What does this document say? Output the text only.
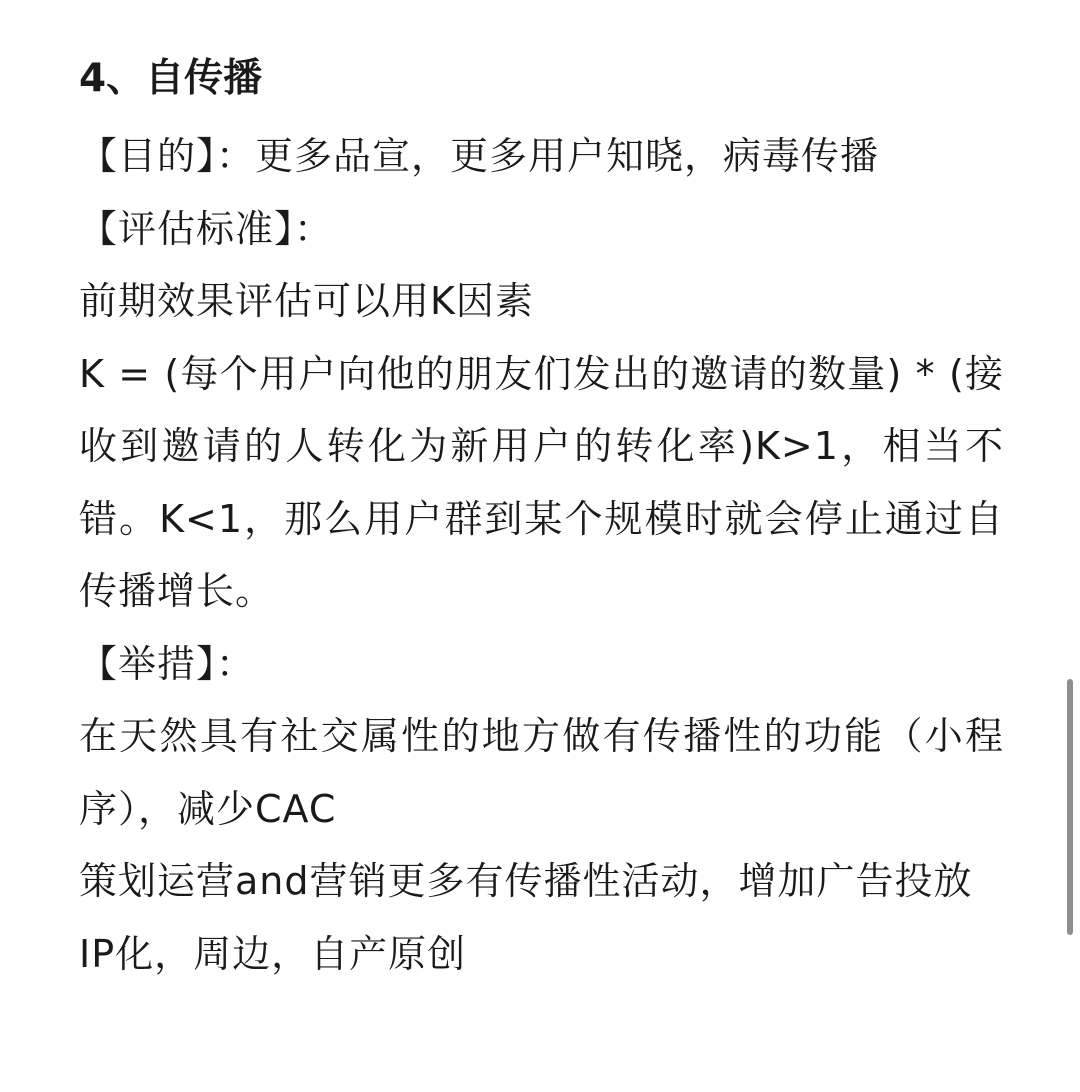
4、自传播

【目的】：更多品宣，更多用户知晓，病毒传播

【评估标准】：

前期效果评估可以用K因素

K = (每个用户向他的朋友们发出的邀请的数量) * (接收到邀请的人转化为新用户的转化率)K>1，相当不错。K<1，那么用户群到某个规模时就会停止通过自传播增长。

【举措】：

在天然具有社交属性的地方做有传播性的功能（小程序），减少CAC

策划运营and营销更多有传播性活动，增加广告投放

IP化，周边，自产原创
